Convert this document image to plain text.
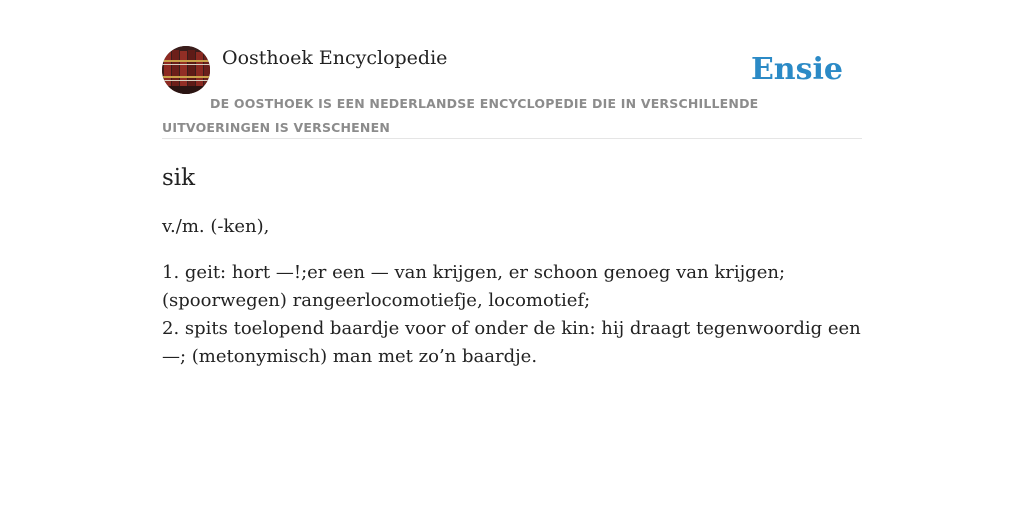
Oosthoek Encyclopedie	Ensie
DE OOSTHOEK IS EEN NEDERLANDSE ENCYCLOPEDIE DIE IN VERSCHILLENDE UITVOERINGEN IS VERSCHENEN
sik

v./m. (-ken),

1. geit: hort —!;er een — van krijgen, er schoon genoeg van krijgen; (spoorwegen) rangeerlocomotiefje, locomotief;
2. spits toelopend baardje voor of onder de kin: hij draagt tegenwoordig een —; (metonymisch) man met zo’n baardje.
